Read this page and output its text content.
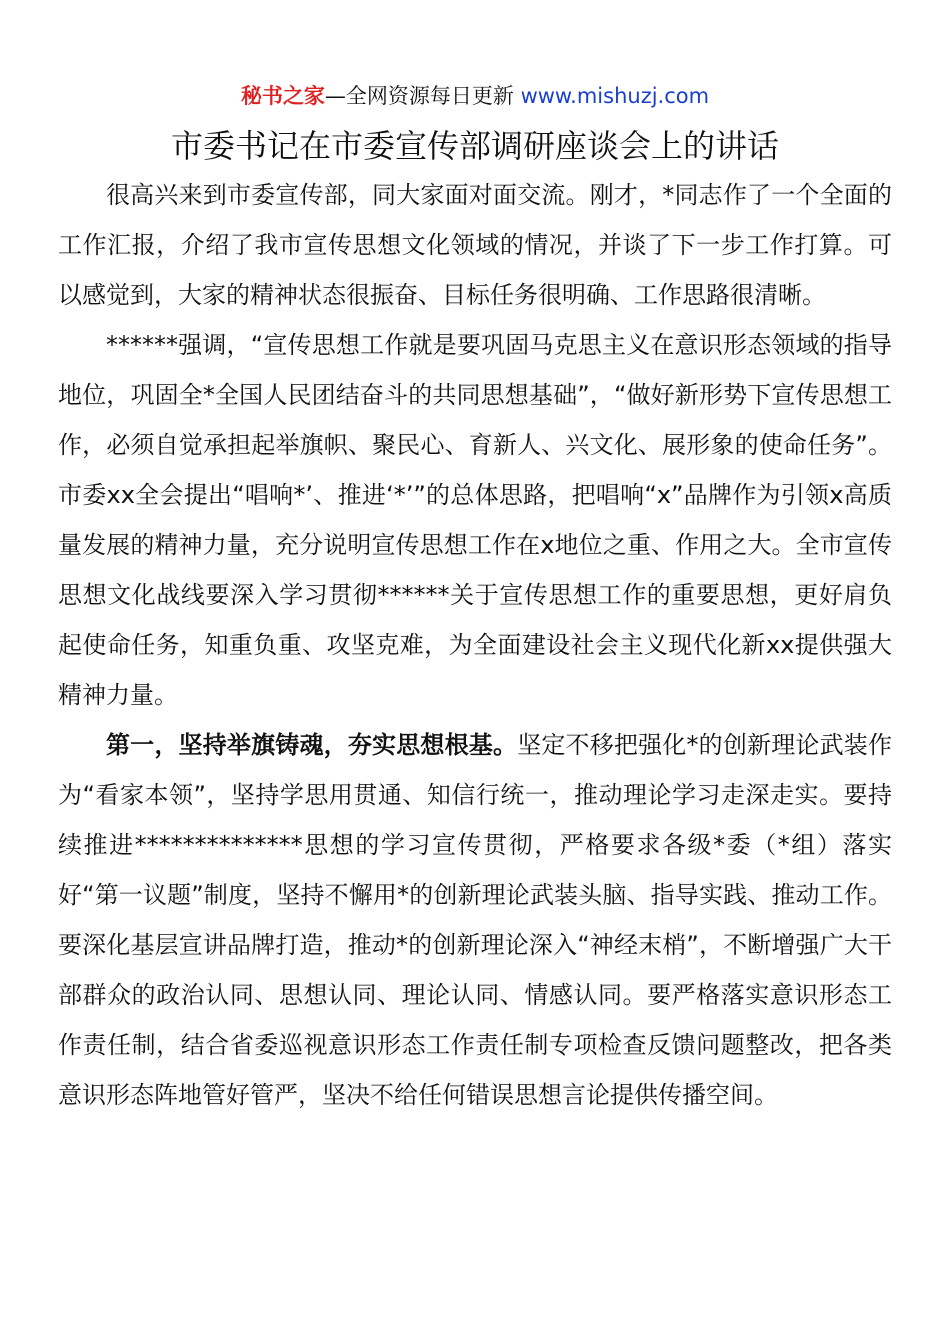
秘书之家—全网资源每日更新 www.mishuzj.com
市委书记在市委宣传部调研座谈会上的讲话

很高兴来到市委宣传部，同大家面对面交流。刚才，*同志作了一个全面的工作汇报，介绍了我市宣传思想文化领域的情况，并谈了下一步工作打算。可以感觉到，大家的精神状态很振奋、目标任务很明确、工作思路很清晰。

******强调，“宣传思想工作就是要巩固马克思主义在意识形态领域的指导地位，巩固全*全国人民团结奋斗的共同思想基础”，“做好新形势下宣传思想工作，必须自觉承担起举旗帜、聚民心、育新人、兴文化、展形象的使命任务”。市委xx全会提出“唱响*’、推进‘*’”的总体思路，把唱响“x”品牌作为引领x高质量发展的精神力量，充分说明宣传思想工作在x地位之重、作用之大。全市宣传思想文化战线要深入学习贯彻******关于宣传思想工作的重要思想，更好肩负起使命任务，知重负重、攻坚克难，为全面建设社会主义现代化新xx提供强大精神力量。

第一，坚持举旗铸魂，夯实思想根基。坚定不移把强化*的创新理论武装作为“看家本领”，坚持学思用贯通、知信行统一，推动理论学习走深走实。要持续推进**************思想的学习宣传贯彻，严格要求各级*委（*组）落实好“第一议题”制度，坚持不懈用*的创新理论武装头脑、指导实践、推动工作。要深化基层宣讲品牌打造，推动*的创新理论深入“神经末梢”，不断增强广大干部群众的政治认同、思想认同、理论认同、情感认同。要严格落实意识形态工作责任制，结合省委巡视意识形态工作责任制专项检查反馈问题整改，把各类意识形态阵地管好管严，坚决不给任何错误思想言论提供传播空间。
